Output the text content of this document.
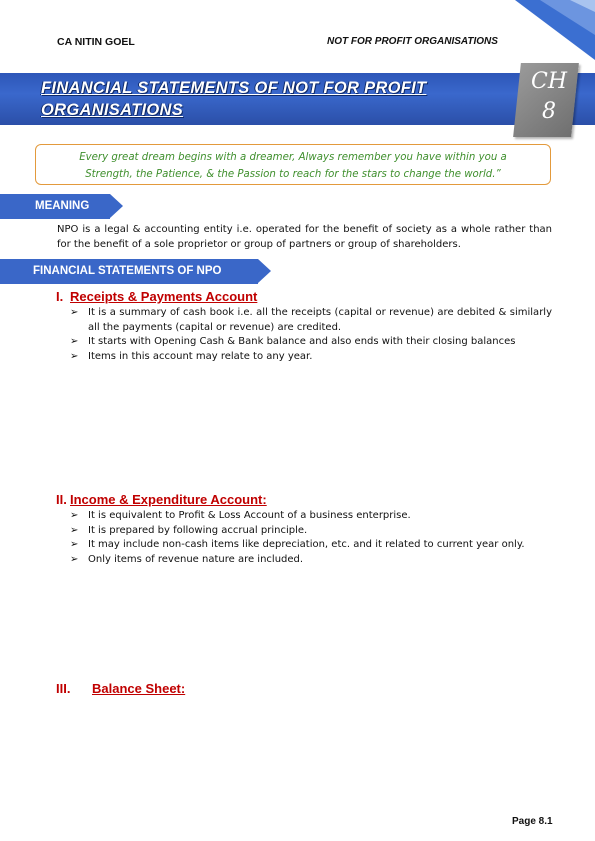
CA NITIN GOEL	NOT FOR PROFIT ORGANISATIONS
FINANCIAL STATEMENTS OF NOT FOR PROFIT
ORGANISATIONS
CH
8
Every great dream begins with a dreamer, Always remember you have within you a
Strength, the Patience, & the Passion to reach for the stars to change the world.”
MEANING
NPO is a legal & accounting entity i.e. operated for the benefit of society as a whole rather than for the benefit of a sole proprietor or group of partners or group of shareholders.
FINANCIAL STATEMENTS OF NPO
I. Receipts & Payments Account
➢ It is a summary of cash book i.e. all the receipts (capital or revenue) are debited & similarly all the payments (capital or revenue) are credited.
➢ It starts with Opening Cash & Bank balance and also ends with their closing balances
➢ Items in this account may relate to any year.
II. Income & Expenditure Account:
➢ It is equivalent to Profit & Loss Account of a business enterprise.
➢ It is prepared by following accrual principle.
➢ It may include non-cash items like depreciation, etc. and it related to current year only.
➢ Only items of revenue nature are included.
III. Balance Sheet:
Page 8.1
